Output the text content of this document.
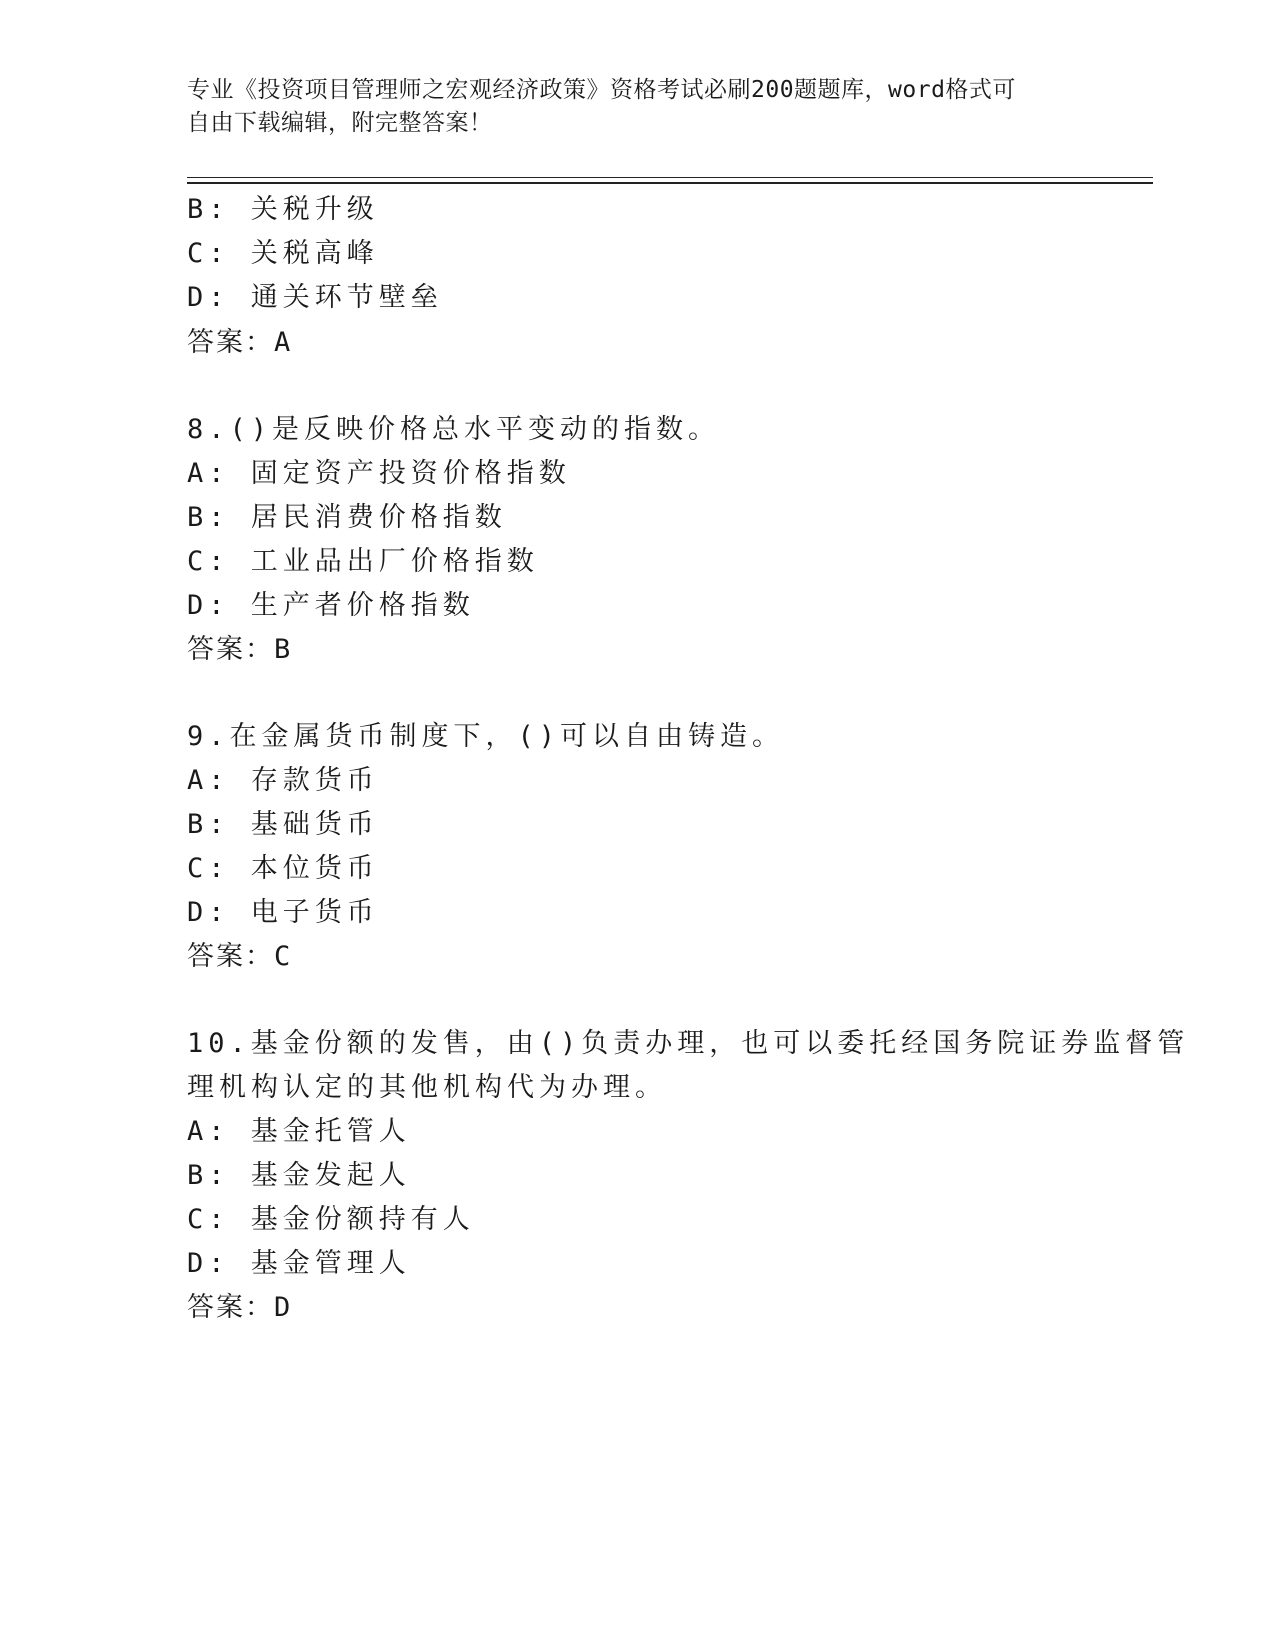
专业《投资项目管理师之宏观经济政策》资格考试必刷200题题库，word格式可
自由下载编辑，附完整答案！
B: 关税升级
C: 关税高峰
D: 通关环节壁垒
答案：A
8.()是反映价格总水平变动的指数。
A: 固定资产投资价格指数
B: 居民消费价格指数
C: 工业品出厂价格指数
D: 生产者价格指数
答案：B
9.在金属货币制度下，()可以自由铸造。
A: 存款货币
B: 基础货币
C: 本位货币
D: 电子货币
答案：C
10.基金份额的发售，由()负责办理，也可以委托经国务院证券监督管
理机构认定的其他机构代为办理。
A: 基金托管人
B: 基金发起人
C: 基金份额持有人
D: 基金管理人
答案：D
